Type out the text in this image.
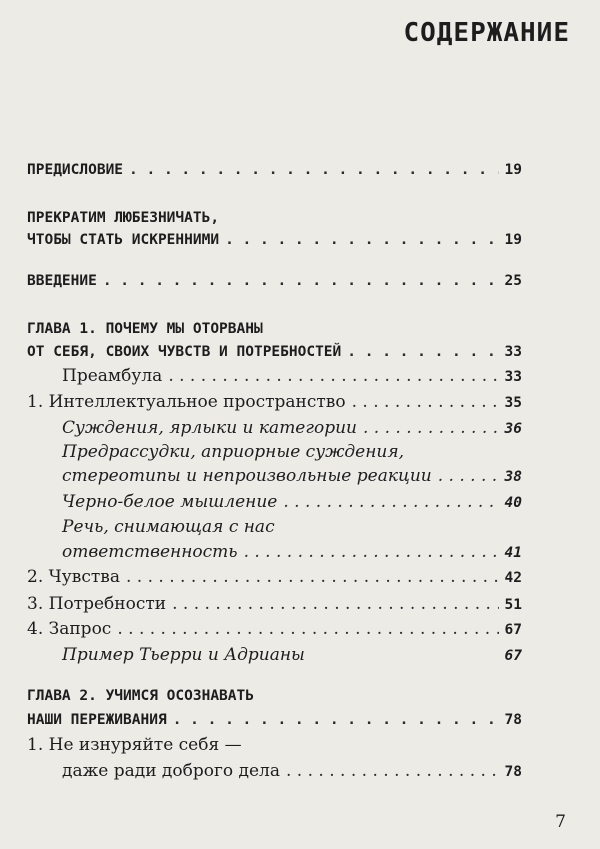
СОДЕРЖАНИЕ
ПРЕДИСЛОВИЕ . . .	19
ПРЕКРАТИМ ЛЮБЕЗНИЧАТЬ,
ЧТОБЫ СТАТЬ ИСКРЕННИМИ . . .	19
ВВЕДЕНИЕ . . .	25
ГЛАВА 1. ПОЧЕМУ МЫ ОТОРВАНЫ
ОТ СЕБЯ, СВОИХ ЧУВСТВ И ПОТРЕБНОСТЕЙ . . .	33
Преамбула . . .	33
1. Интеллектуальное пространство . . .	35
Суждения, ярлыки и категории . . .	36
Предрассудки, априорные суждения,
стереотипы и непроизвольные реакции . . .	38
Черно-белое мышление . . .	40
Речь, снимающая с нас
ответственность . . .	41
2. Чувства . . .	42
3. Потребности . . .	51
4. Запрос . . .	67
Пример Тьерри и Адрианы	67
ГЛАВА 2. УЧИМСЯ ОСОЗНАВАТЬ
НАШИ ПЕРЕЖИВАНИЯ . . .	78
1. Не изнуряйте себя —
даже ради доброго дела . . .	78
7
